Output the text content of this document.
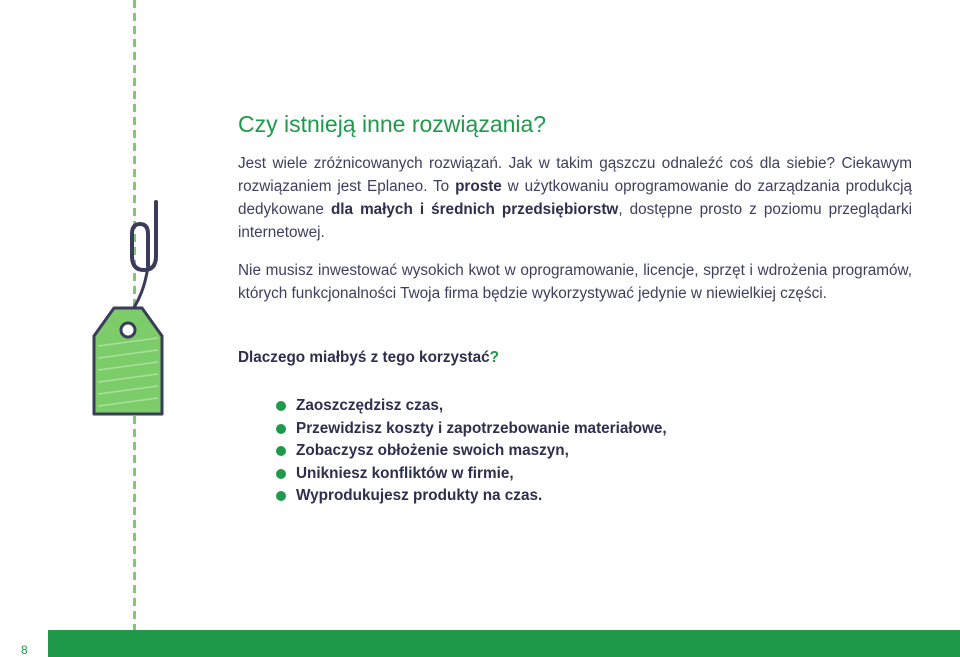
Czy istnieją inne rozwiązania?

Jest wiele zróżnicowanych rozwiązań. Jak w takim gąszczu odnaleźć coś dla siebie? Ciekawym rozwiązaniem jest Eplaneo. To proste w użytkowaniu oprogramowanie do zarządzania produkcją dedykowane dla małych i średnich przedsiębiorstw, dostępne prosto z poziomu przeglądarki internetowej.

Nie musisz inwestować wysokich kwot w oprogramowanie, licencje, sprzęt i wdrożenia programów, których funkcjonalności Twoja firma będzie wykorzystywać jedynie w niewielkiej części.

Dlaczego miałbyś z tego korzystać?

Zaoszczędzisz czas,
Przewidzisz koszty i zapotrzebowanie materiałowe,
Zobaczysz obłożenie swoich maszyn,
Unikniesz konfliktów w firmie,
Wyprodukujesz produkty na czas.
8
